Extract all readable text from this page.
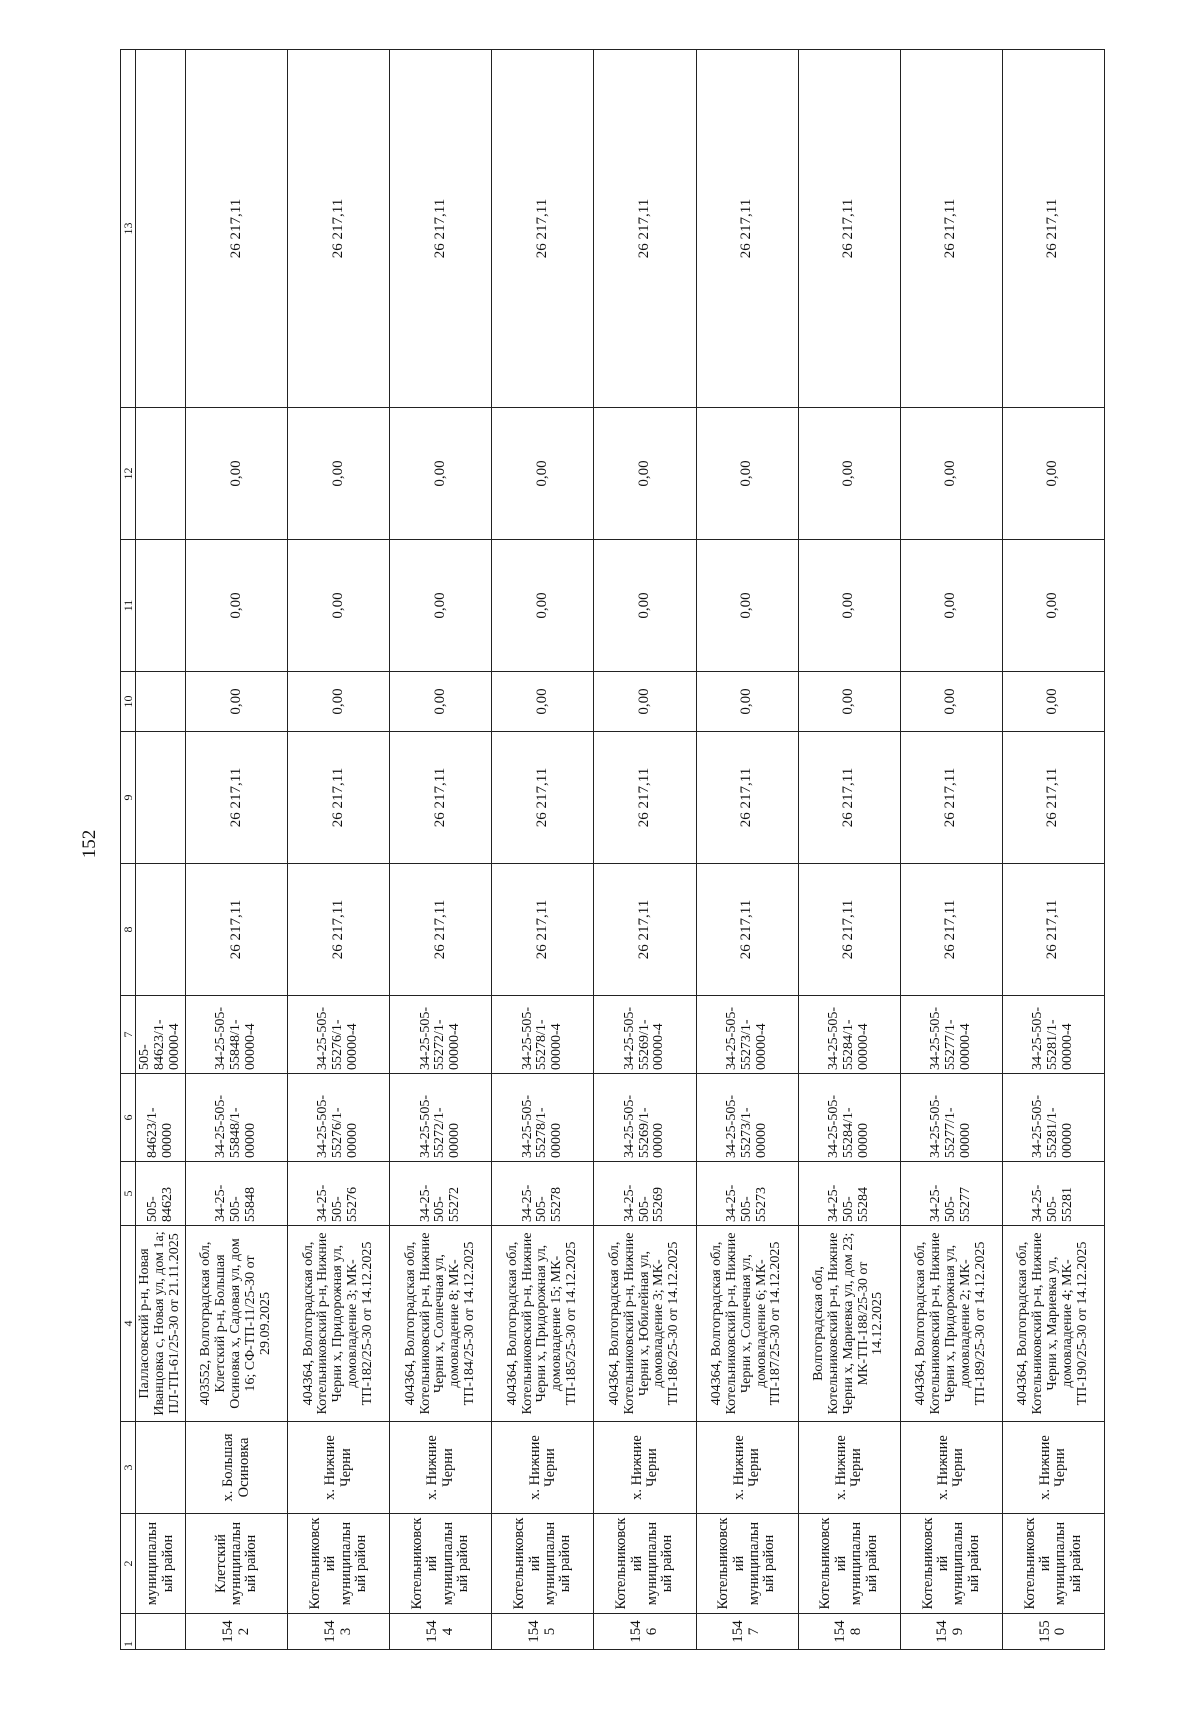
152
1	2	3	4	5	6	7	8	9	10	11	12	13
	муниципальный район		Палласовский р-н, Новая Иванцовка с, Новая ул, дом 1а; ПЛ-ТП-61/25-30 от 21.11.2025	505-84623	84623/1-00000	505-84623/1-00000-4						
1542	Клетский муниципальный район	х. Большая Осиновка	403552, Волгоградская обл, Клетский р-н, Большая Осиновка х, Садовая ул, дом 16; СФ-ТП-11/25-30 от 29.09.2025	34-25-505-55848	34-25-505-55848/1-00000	34-25-505-55848/1-00000-4	26 217,11	26 217,11	0,00	0,00	0,00	26 217,11
1543	Котельниковский муниципальный район	х. Нижние Черни	404364, Волгоградская обл, Котельниковский р-н, Нижние Черни х, Придорожная ул, домовладение 3; МК-ТП-182/25-30 от 14.12.2025	34-25-505-55276	34-25-505-55276/1-00000	34-25-505-55276/1-00000-4	26 217,11	26 217,11	0,00	0,00	0,00	26 217,11
1544	Котельниковский муниципальный район	х. Нижние Черни	404364, Волгоградская обл, Котельниковский р-н, Нижние Черни х, Солнечная ул, домовладение 8; МК-ТП-184/25-30 от 14.12.2025	34-25-505-55272	34-25-505-55272/1-00000	34-25-505-55272/1-00000-4	26 217,11	26 217,11	0,00	0,00	0,00	26 217,11
1545	Котельниковский муниципальный район	х. Нижние Черни	404364, Волгоградская обл, Котельниковский р-н, Нижние Черни х, Придорожная ул, домовладение 15; МК-ТП-185/25-30 от 14.12.2025	34-25-505-55278	34-25-505-55278/1-00000	34-25-505-55278/1-00000-4	26 217,11	26 217,11	0,00	0,00	0,00	26 217,11
1546	Котельниковский муниципальный район	х. Нижние Черни	404364, Волгоградская обл, Котельниковский р-н, Нижние Черни х, Юбилейная ул, домовладение 3; МК-ТП-186/25-30 от 14.12.2025	34-25-505-55269	34-25-505-55269/1-00000	34-25-505-55269/1-00000-4	26 217,11	26 217,11	0,00	0,00	0,00	26 217,11
1547	Котельниковский муниципальный район	х. Нижние Черни	404364, Волгоградская обл, Котельниковский р-н, Нижние Черни х, Солнечная ул, домовладение 6; МК-ТП-187/25-30 от 14.12.2025	34-25-505-55273	34-25-505-55273/1-00000	34-25-505-55273/1-00000-4	26 217,11	26 217,11	0,00	0,00	0,00	26 217,11
1548	Котельниковский муниципальный район	х. Нижние Черни	Волгоградская обл, Котельниковский р-н, Нижние Черни х, Мариевка ул, дом 23; МК-ТП-188/25-30 от 14.12.2025	34-25-505-55284	34-25-505-55284/1-00000	34-25-505-55284/1-00000-4	26 217,11	26 217,11	0,00	0,00	0,00	26 217,11
1549	Котельниковский муниципальный район	х. Нижние Черни	404364, Волгоградская обл, Котельниковский р-н, Нижние Черни х, Придорожная ул, домовладение 2; МК-ТП-189/25-30 от 14.12.2025	34-25-505-55277	34-25-505-55277/1-00000	34-25-505-55277/1-00000-4	26 217,11	26 217,11	0,00	0,00	0,00	26 217,11
1550	Котельниковский муниципальный район	х. Нижние Черни	404364, Волгоградская обл, Котельниковский р-н, Нижние Черни х, Мариевка ул, домовладение 4; МК-ТП-190/25-30 от 14.12.2025	34-25-505-55281	34-25-505-55281/1-00000	34-25-505-55281/1-00000-4	26 217,11	26 217,11	0,00	0,00	0,00	26 217,11
